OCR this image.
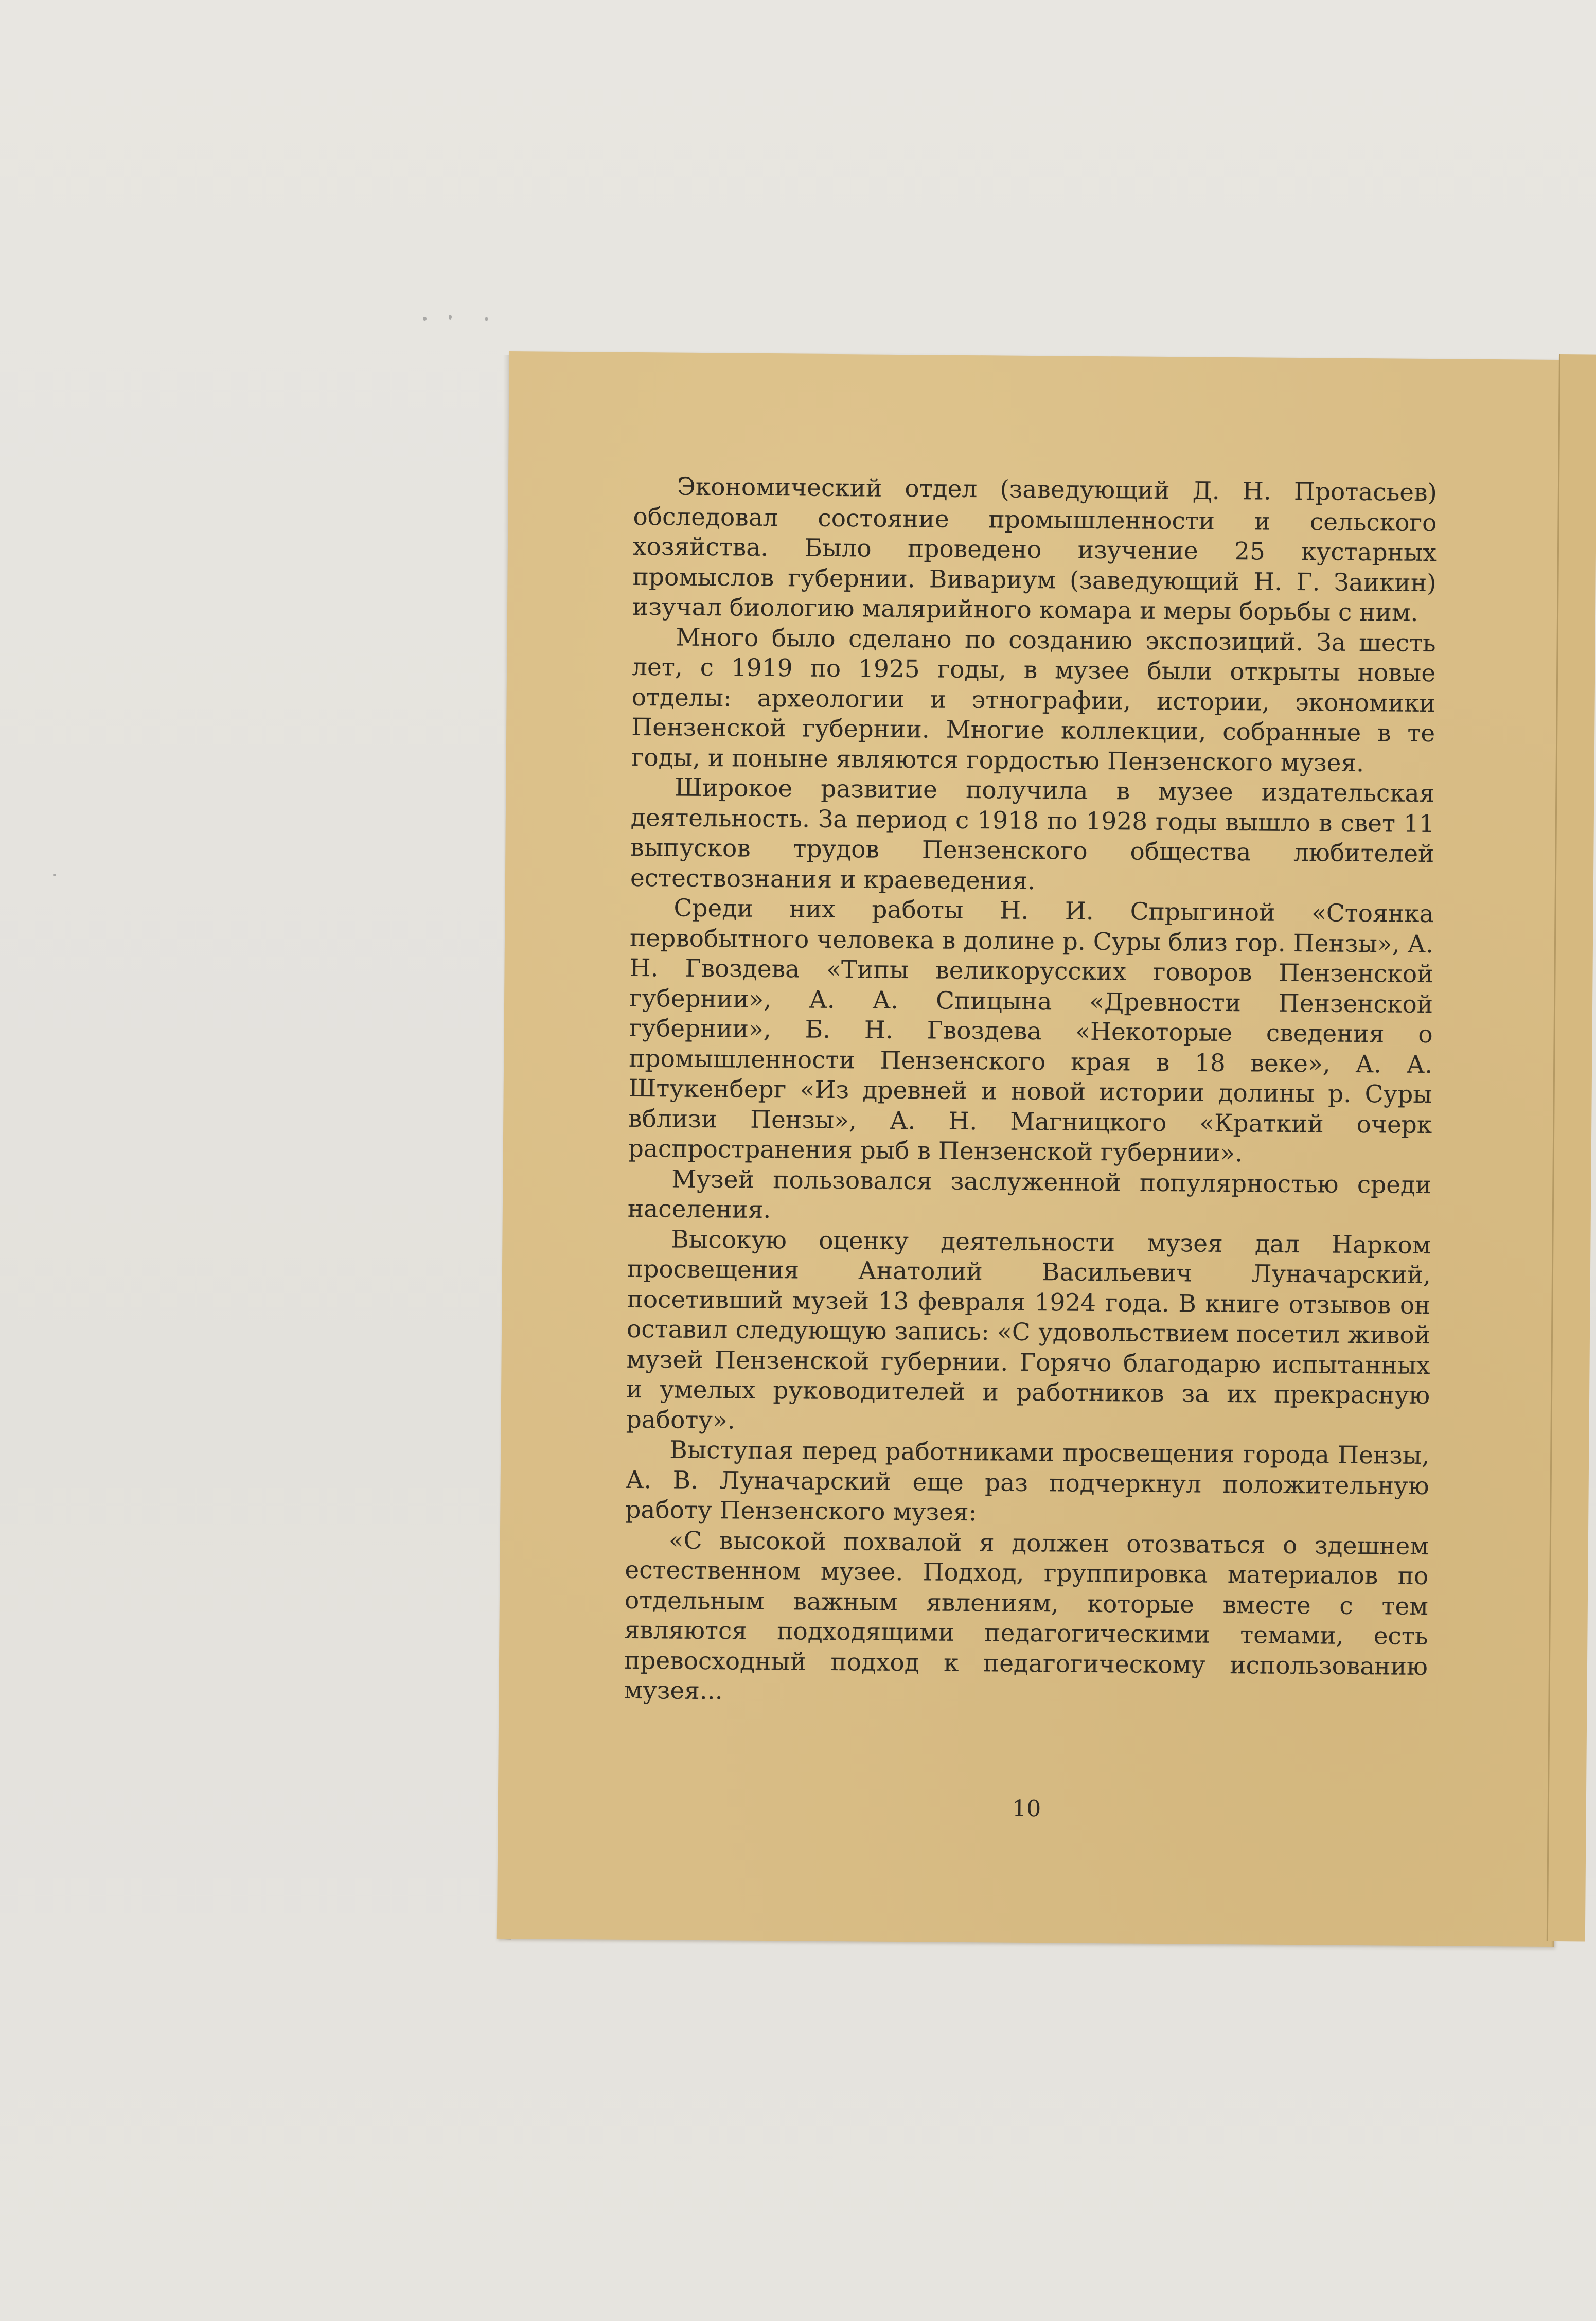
Экономический отдел (заведующий Д. Н. Протасьев) обследовал состояние промышленности и сельского хозяйства. Было проведено изучение 25 кустарных промыслов губернии. Вивариум (заведующий Н. Г. Заикин) изучал биологию малярийного комара и меры борьбы с ним.

Много было сделано по созданию экспозиций. За шесть лет, с 1919 по 1925 годы, в музее были открыты новые отделы: археологии и этнографии, истории, экономики Пензенской губернии. Многие коллекции, собранные в те годы, и поныне являются гордостью Пензенского музея.

Широкое развитие получила в музее издательская деятельность. За период с 1918 по 1928 годы вышло в свет 11 выпусков трудов Пензенского общества любителей естествознания и краеведения.

Среди них работы Н. И. Спрыгиной «Стоянка первобытного человека в долине р. Суры близ гор. Пензы», А. Н. Гвоздева «Типы великорусских говоров Пензенской губернии», А. А. Спицына «Древности Пензенской губернии», Б. Н. Гвоздева «Некоторые сведения о промышленности Пензенского края в 18 веке», А. А. Штукенберг «Из древней и новой истории долины р. Суры вблизи Пензы», А. Н. Магницкого «Краткий очерк распространения рыб в Пензенской губернии».

Музей пользовался заслуженной популярностью среди населения.

Высокую оценку деятельности музея дал Нарком просвещения Анатолий Васильевич Луначарский, посетивший музей 13 февраля 1924 года. В книге отзывов он оставил следующую запись: «С удовольствием посетил живой музей Пензенской губернии. Горячо благодарю испытанных и умелых руководителей и работников за их прекрасную работу».

Выступая перед работниками просвещения города Пензы, А. В. Луначарский еще раз подчеркнул положительную работу Пензенского музея:

«С высокой похвалой я должен отозваться о здешнем естественном музее. Подход, группировка материалов по отдельным важным явлениям, которые вместе с тем являются подходящими педагогическими темами, есть превосходный подход к педагогическому использованию музея...

10
